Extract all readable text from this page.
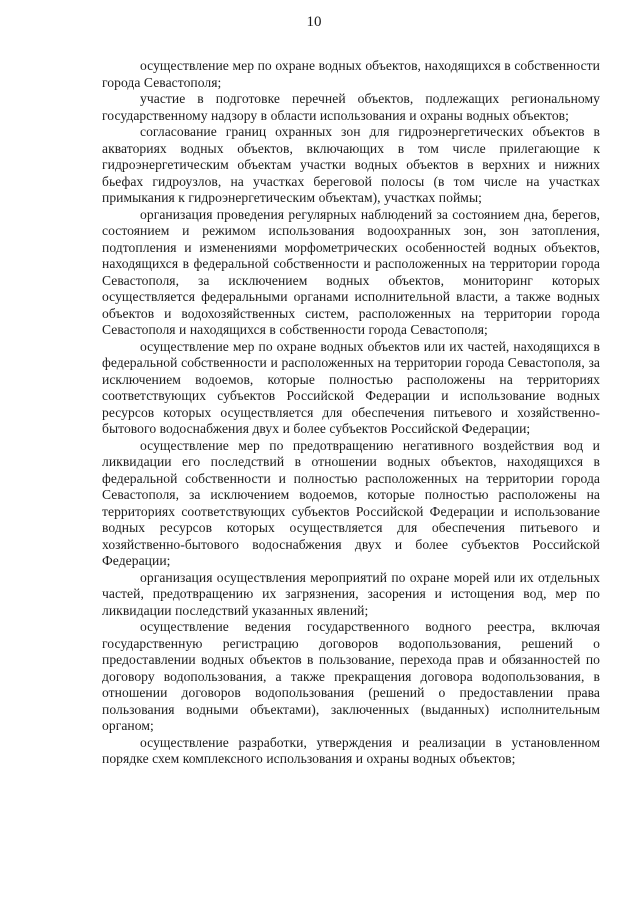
10

осуществление мер по охране водных объектов, находящихся в собственности города Севастополя;

участие в подготовке перечней объектов, подлежащих региональному государственному надзору в области использования и охраны водных объектов;

согласование границ охранных зон для гидроэнергетических объектов в акваториях водных объектов, включающих в том числе прилегающие к гидроэнергетическим объектам участки водных объектов в верхних и нижних бьефах гидроузлов, на участках береговой полосы (в том числе на участках примыкания к гидроэнергетическим объектам), участках поймы;

организация проведения регулярных наблюдений за состоянием дна, берегов, состоянием и режимом использования водоохранных зон, зон затопления, подтопления и изменениями морфометрических особенностей водных объектов, находящихся в федеральной собственности и расположенных на территории города Севастополя, за исключением водных объектов, мониторинг которых осуществляется федеральными органами исполнительной власти, а также водных объектов и водохозяйственных систем, расположенных на территории города Севастополя и находящихся в собственности города Севастополя;

осуществление мер по охране водных объектов или их частей, находящихся в федеральной собственности и расположенных на территории города Севастополя, за исключением водоемов, которые полностью расположены на территориях соответствующих субъектов Российской Федерации и использование водных ресурсов которых осуществляется для обеспечения питьевого и хозяйственно-бытового водоснабжения двух и более субъектов Российской Федерации;

осуществление мер по предотвращению негативного воздействия вод и ликвидации его последствий в отношении водных объектов, находящихся в федеральной собственности и полностью расположенных на территории города Севастополя, за исключением водоемов, которые полностью расположены на территориях соответствующих субъектов Российской Федерации и использование водных ресурсов которых осуществляется для обеспечения питьевого и хозяйственно-бытового водоснабжения двух и более субъектов Российской Федерации;

организация осуществления мероприятий по охране морей или их отдельных частей, предотвращению их загрязнения, засорения и истощения вод, мер по ликвидации последствий указанных явлений;

осуществление ведения государственного водного реестра, включая государственную регистрацию договоров водопользования, решений о предоставлении водных объектов в пользование, перехода прав и обязанностей по договору водопользования, а также прекращения договора водопользования, в отношении договоров водопользования (решений о предоставлении права пользования водными объектами), заключенных (выданных) исполнительным органом;

осуществление разработки, утверждения и реализации в установленном порядке схем комплексного использования и охраны водных объектов;
